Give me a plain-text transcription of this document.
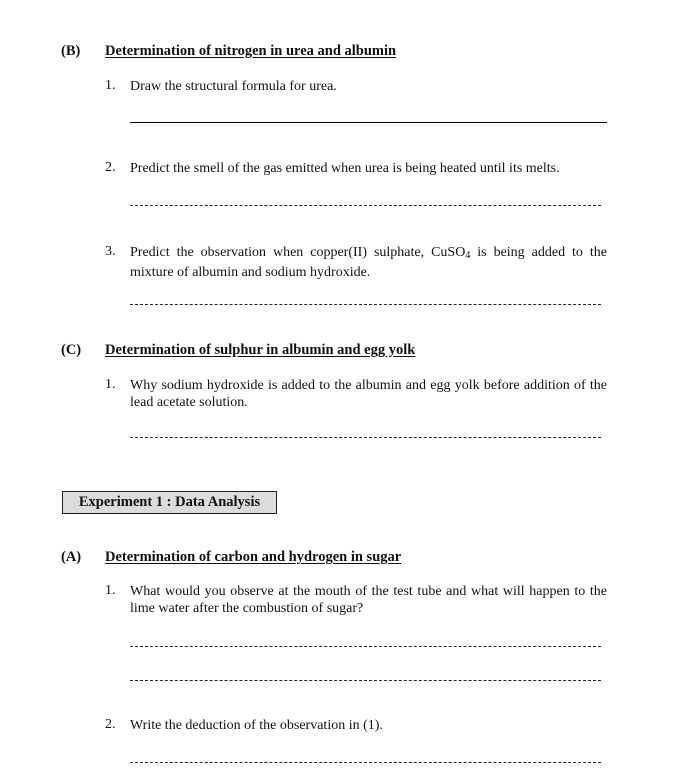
(B) Determination of nitrogen in urea and albumin
1. Draw the structural formula for urea.
2. Predict the smell of the gas emitted when urea is being heated until its melts.
3. Predict the observation when copper(II) sulphate, CuSO$_4$ is being added to the
mixture of albumin and sodium hydroxide.
(C) Determination of sulphur in albumin and egg yolk
1. Why sodium hydroxide is added to the albumin and egg yolk before addition of the lead acetate solution.
Experiment 1 : Data Analysis
(A) Determination of carbon and hydrogen in sugar
1. What would you observe at the mouth of the test tube and what will happen to the lime water after the combustion of sugar?
2. Write the deduction of the observation in (1).
